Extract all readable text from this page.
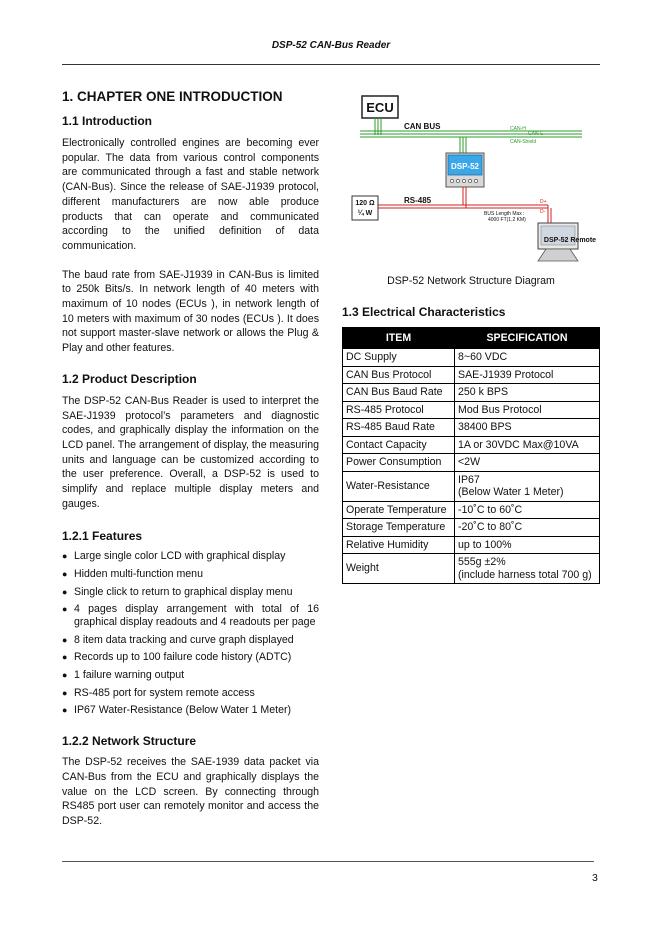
DSP-52 CAN-Bus Reader
1. CHAPTER ONE INTRODUCTION
1.1 Introduction

Electronically controlled engines are becoming ever popular. The data from various control components are communicated through a fast and stable network (CAN-Bus). Since the release of SAE-J1939 protocol, different manufacturers are now able produce products that can operate and communicated according to the unified definition of data communication.

The baud rate from SAE-J1939 in CAN-Bus is limited to 250k Bits/s. In network length of 40 meters with maximum of 10 nodes (ECUs ), in network length of 10 meters with maximum of 30 nodes (ECUs ). It does not support master-slave network or allows the Plug & Play and other features.

1.2 Product Description

The DSP-52 CAN-Bus Reader is used to interpret the SAE-J1939 protocol’s parameters and diagnostic codes, and graphically display the information on the LCD panel. The arrangement of display, the measuring units and language can be customized according to the user preference. Overall, a DSP-52 is used to simplify and replace multiple display meters and gauges.

1.2.1 Features
● Large single color LCD with graphical display
● Hidden multi-function menu
● Single click to return to graphical display menu
● 4 pages display arrangement with total of 16 graphical display readouts and 4 readouts per page
● 8 item data tracking and curve graph displayed
● Records up to 100 failure code history (ADTC)
● 1 failure warning output
● RS-485 port for system remote access
● IP67 Water-Resistance (Below Water 1 Meter)
1.2.2 Network Structure

The DSP-52 receives the SAE-1939 data packet via CAN-Bus from the ECU and graphically displays the value on the LCD screen. By connecting through RS485 port user can remotely monitor and access the DSP-52.

ECU
CAN BUS	CAN-H
CAN-L
CAN-Shield
DSP-52
RS-485	D+
D-
120 Ω
¼ W	BUS Length Max :
4000 FT(1.2 KM)
DSP-52 Remote
DSP-52 Network Structure Diagram
1.3 Electrical Characteristics
ITEM	SPECIFICATION
DC Supply	8~60 VDC

CAN Bus Protocol	SAE-J1939 Protocol

CAN Bus Baud Rate	250 k BPS

RS-485 Protocol	Mod Bus Protocol

RS-485 Baud Rate	38400 BPS

Contact Capacity	1A or 30VDC Max@10VA

Power Consumption	<2W

Water-Resistance	IP67
(Below Water 1 Meter)

Operate Temperature	-10˚C to 60˚C

Storage Temperature	-20˚C to 80˚C

Relative Humidity	up to 100%

Weight	555g ±2%
(include harness total 700 g)
3
